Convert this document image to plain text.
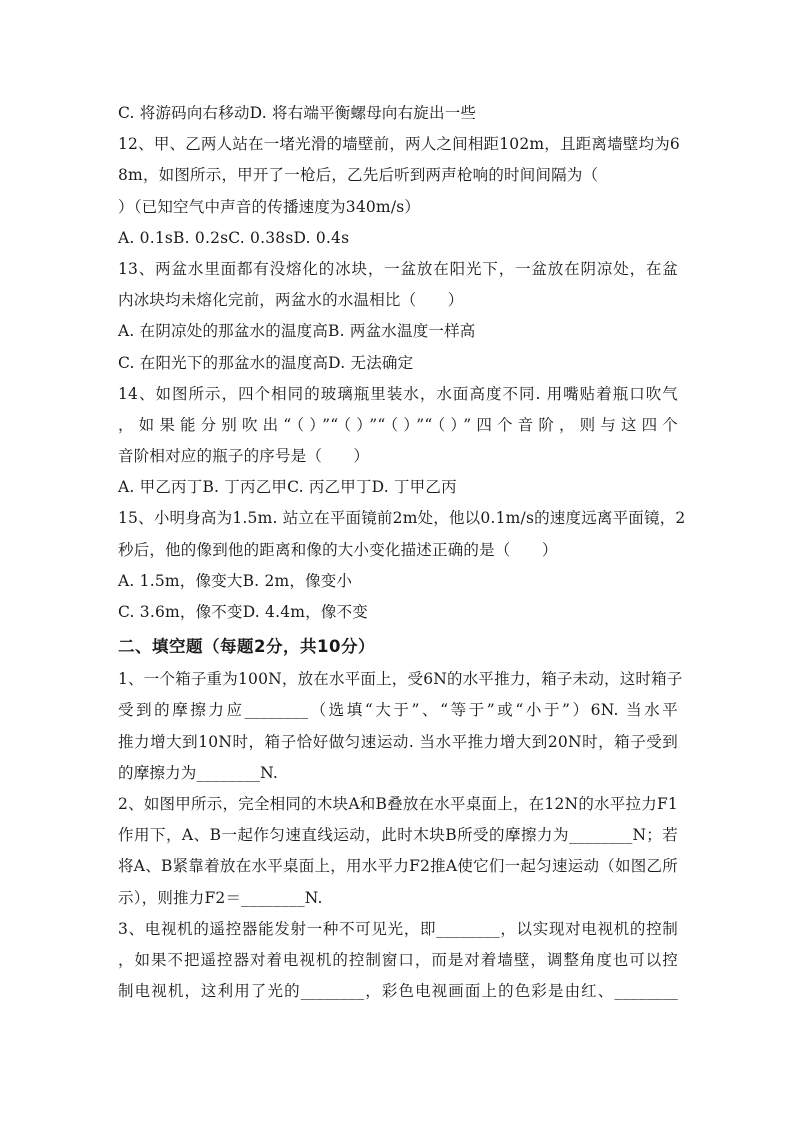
C. 将游码向右移动D. 将右端平衡螺母向右旋出一些
12、甲、乙两人站在一堵光滑的墙壁前，两人之间相距102m，且距离墙壁均为6
8m，如图所示，甲开了一枪后，乙先后听到两声枪响的时间间隔为（
）（已知空气中声音的传播速度为340m/s）
A. 0.1sB. 0.2sC. 0.38sD. 0.4s
13、两盆水里面都有没熔化的冰块，一盆放在阳光下，一盆放在阴凉处，在盆
内冰块均未熔化完前，两盆水的水温相比（　　）
A. 在阴凉处的那盆水的温度高B. 两盆水温度一样高
C. 在阳光下的那盆水的温度高D. 无法确定
14、如图所示，四个相同的玻璃瓶里装水，水面高度不同. 用嘴贴着瓶口吹气
，如果能分别吹出“（）”“（）”“（）”“（）”四个音阶，则与这四个
音阶相对应的瓶子的序号是（　　）
A. 甲乙丙丁B. 丁丙乙甲C. 丙乙甲丁D. 丁甲乙丙
15、小明身高为1.5m. 站立在平面镜前2m处，他以0.1m/s的速度远离平面镜，2
秒后，他的像到他的距离和像的大小变化描述正确的是（　　）
A. 1.5m，像变大B. 2m，像变小
C. 3.6m，像不变D. 4.4m，像不变
二、填空题（每题2分，共10分）
1、一个箱子重为100N，放在水平面上，受6N的水平推力，箱子未动，这时箱子
受到的摩擦力应________（选填“大于”、“等于”或“小于”）6N. 当水平
推力增大到10N时，箱子恰好做匀速运动. 当水平推力增大到20N时，箱子受到
的摩擦力为________N.
2、如图甲所示，完全相同的木块A和B叠放在水平桌面上，在12N的水平拉力F1
作用下，A、B一起作匀速直线运动，此时木块B所受的摩擦力为________N；若
将A、B紧靠着放在水平桌面上，用水平力F2推A使它们一起匀速运动（如图乙所
示），则推力F2＝________N.
3、电视机的遥控器能发射一种不可见光，即________，以实现对电视机的控制
，如果不把遥控器对着电视机的控制窗口，而是对着墙壁，调整角度也可以控
制电视机，这利用了光的________，彩色电视画面上的色彩是由红、________
